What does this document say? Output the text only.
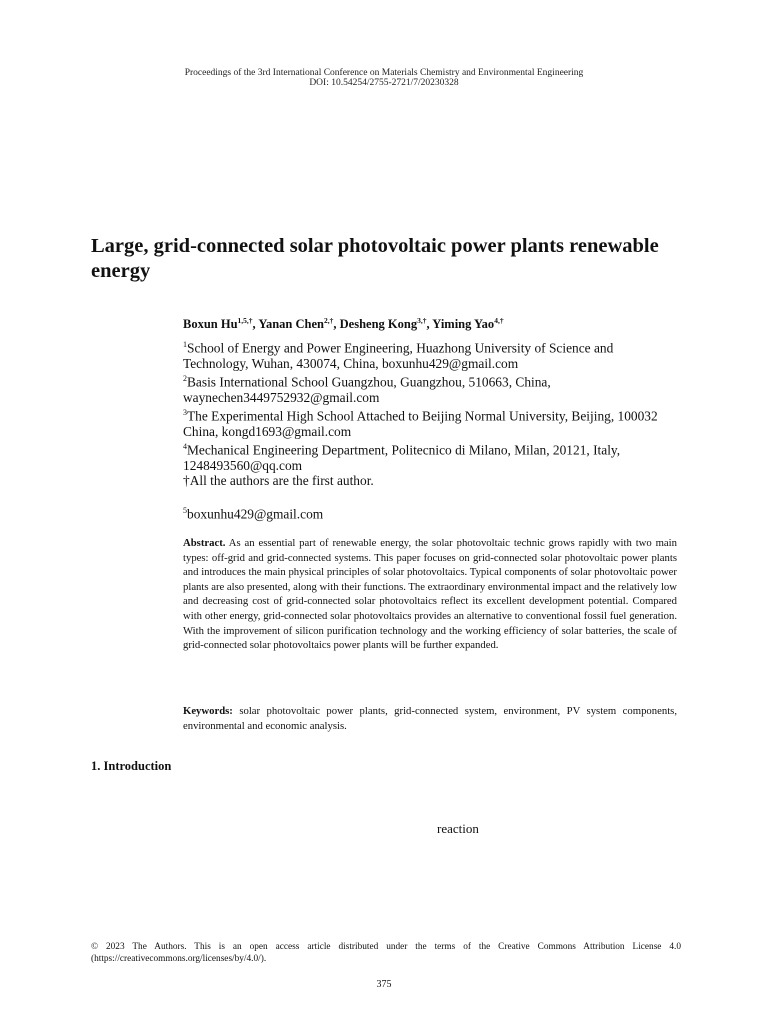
Proceedings of the 3rd International Conference on Materials Chemistry and Environmental Engineering
DOI: 10.54254/2755-2721/7/20230328
Large, grid-connected solar photovoltaic power plants renewable energy
Boxun $Hu^{1,5,\dagger}$, Yanan Chen$^{2,\dagger}$, Desheng Kong$^{3,\dagger}$, Yiming Yao$^{4,\dagger}$
$^1$School of Energy and Power Engineering, Huazhong University of Science and Technology, Wuhan, 430074, China, boxunhu429@gmail.com
$^2$Basis International School Guangzhou, Guangzhou, 510663, China, waynechen3449752932@gmail.com
$^3$The Experimental High School Attached to Beijing Normal University, Beijing, 100032 China, kongd1693@gmail.com
$^4$Mechanical Engineering Department, Politecnico di Milano, Milan, 20121, Italy, 1248493560@qq.com
†All the authors are the first author.
$^5$boxunhu429@gmail.com
Abstract. As an essential part of renewable energy, the solar photovoltaic technic grows rapidly with two main types: off-grid and grid-connected systems. This paper focuses on grid-connected solar photovoltaic power plants and introduces the main physical principles of solar photovoltaics. Typical components of solar photovoltaic power plants are also presented, along with their functions. The extraordinary environmental impact and the relatively low and decreasing cost of grid-connected solar photovoltaics reflect its excellent development potential. Compared with other energy, grid-connected solar photovoltaics provides an alternative to conventional fossil fuel generation. With the improvement of silicon purification technology and the working efficiency of solar batteries, the scale of grid-connected solar photovoltaics power plants will be further expanded.
Keywords: solar photovoltaic power plants, grid-connected system, environment, PV system components, environmental and economic analysis.
1. Introduction
reaction
© 2023 The Authors. This is an open access article distributed under the terms of the Creative Commons Attribution License 4.0 (https://creativecommons.org/licenses/by/4.0/).
375
